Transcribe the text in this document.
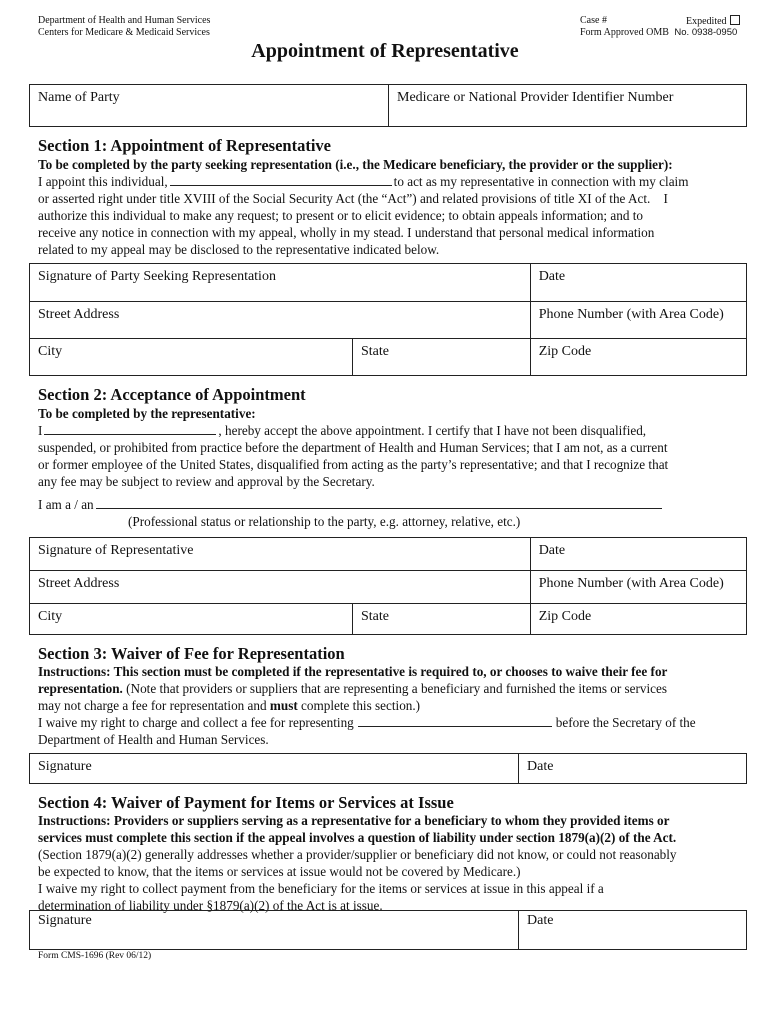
Department of Health and Human Services
Centers for Medicare & Medicaid Services
Case #	Expedited
Form Approved OMB No. 0938-0950
Appointment of Representative
Name of Party	Medicare or National Provider Identifier Number
Section 1: Appointment of Representative
To be completed by the party seeking representation (i.e., the Medicare beneficiary, the provider or the supplier):
I appoint this individual,	to act as my representative in connection with my claim
or asserted right under title XVIII of the Social Security Act (the “Act”) and related provisions of title XI of the Act.    I
authorize this individual to make any request; to present or to elicit evidence; to obtain appeals information; and to
receive any notice in connection with my appeal, wholly in my stead. I understand that personal medical information
related to my appeal may be disclosed to the representative indicated below.
Signature of Party Seeking Representation		Date
Street Address		Phone Number (with Area Code)
City	State	Zip Code
Section 2: Acceptance of Appointment
To be completed by the representative:
I	, hereby accept the above appointment. I certify that I have not been disqualified,
suspended, or prohibited from practice before the department of Health and Human Services; that I am not, as a current
or former employee of the United States, disqualified from acting as the party’s representative; and that I recognize that
any fee may be subject to review and approval by the Secretary.
I am a / an
(Professional status or relationship to the party, e.g. attorney, relative, etc.)
Signature of Representative		Date
Street Address		Phone Number (with Area Code)
City	State	Zip Code
Section 3: Waiver of Fee for Representation
Instructions: This section must be completed if the representative is required to, or chooses to waive their fee for
representation. (Note that providers or suppliers that are representing a beneficiary and furnished the items or services
may not charge a fee for representation and must complete this section.)
I waive my right to charge and collect a fee for representing	before the Secretary of the
Department of Health and Human Services.
Signature	Date
Section 4: Waiver of Payment for Items or Services at Issue
Instructions: Providers or suppliers serving as a representative for a beneficiary to whom they provided items or
services must complete this section if the appeal involves a question of liability under section 1879(a)(2) of the Act.
(Section 1879(a)(2) generally addresses whether a provider/supplier or beneficiary did not know, or could not reasonably
be expected to know, that the items or services at issue would not be covered by Medicare.)
I waive my right to collect payment from the beneficiary for the items or services at issue in this appeal if a
determination of liability under §1879(a)(2) of the Act is at issue.
Signature	Date
Form CMS-1696 (Rev 06/12)
